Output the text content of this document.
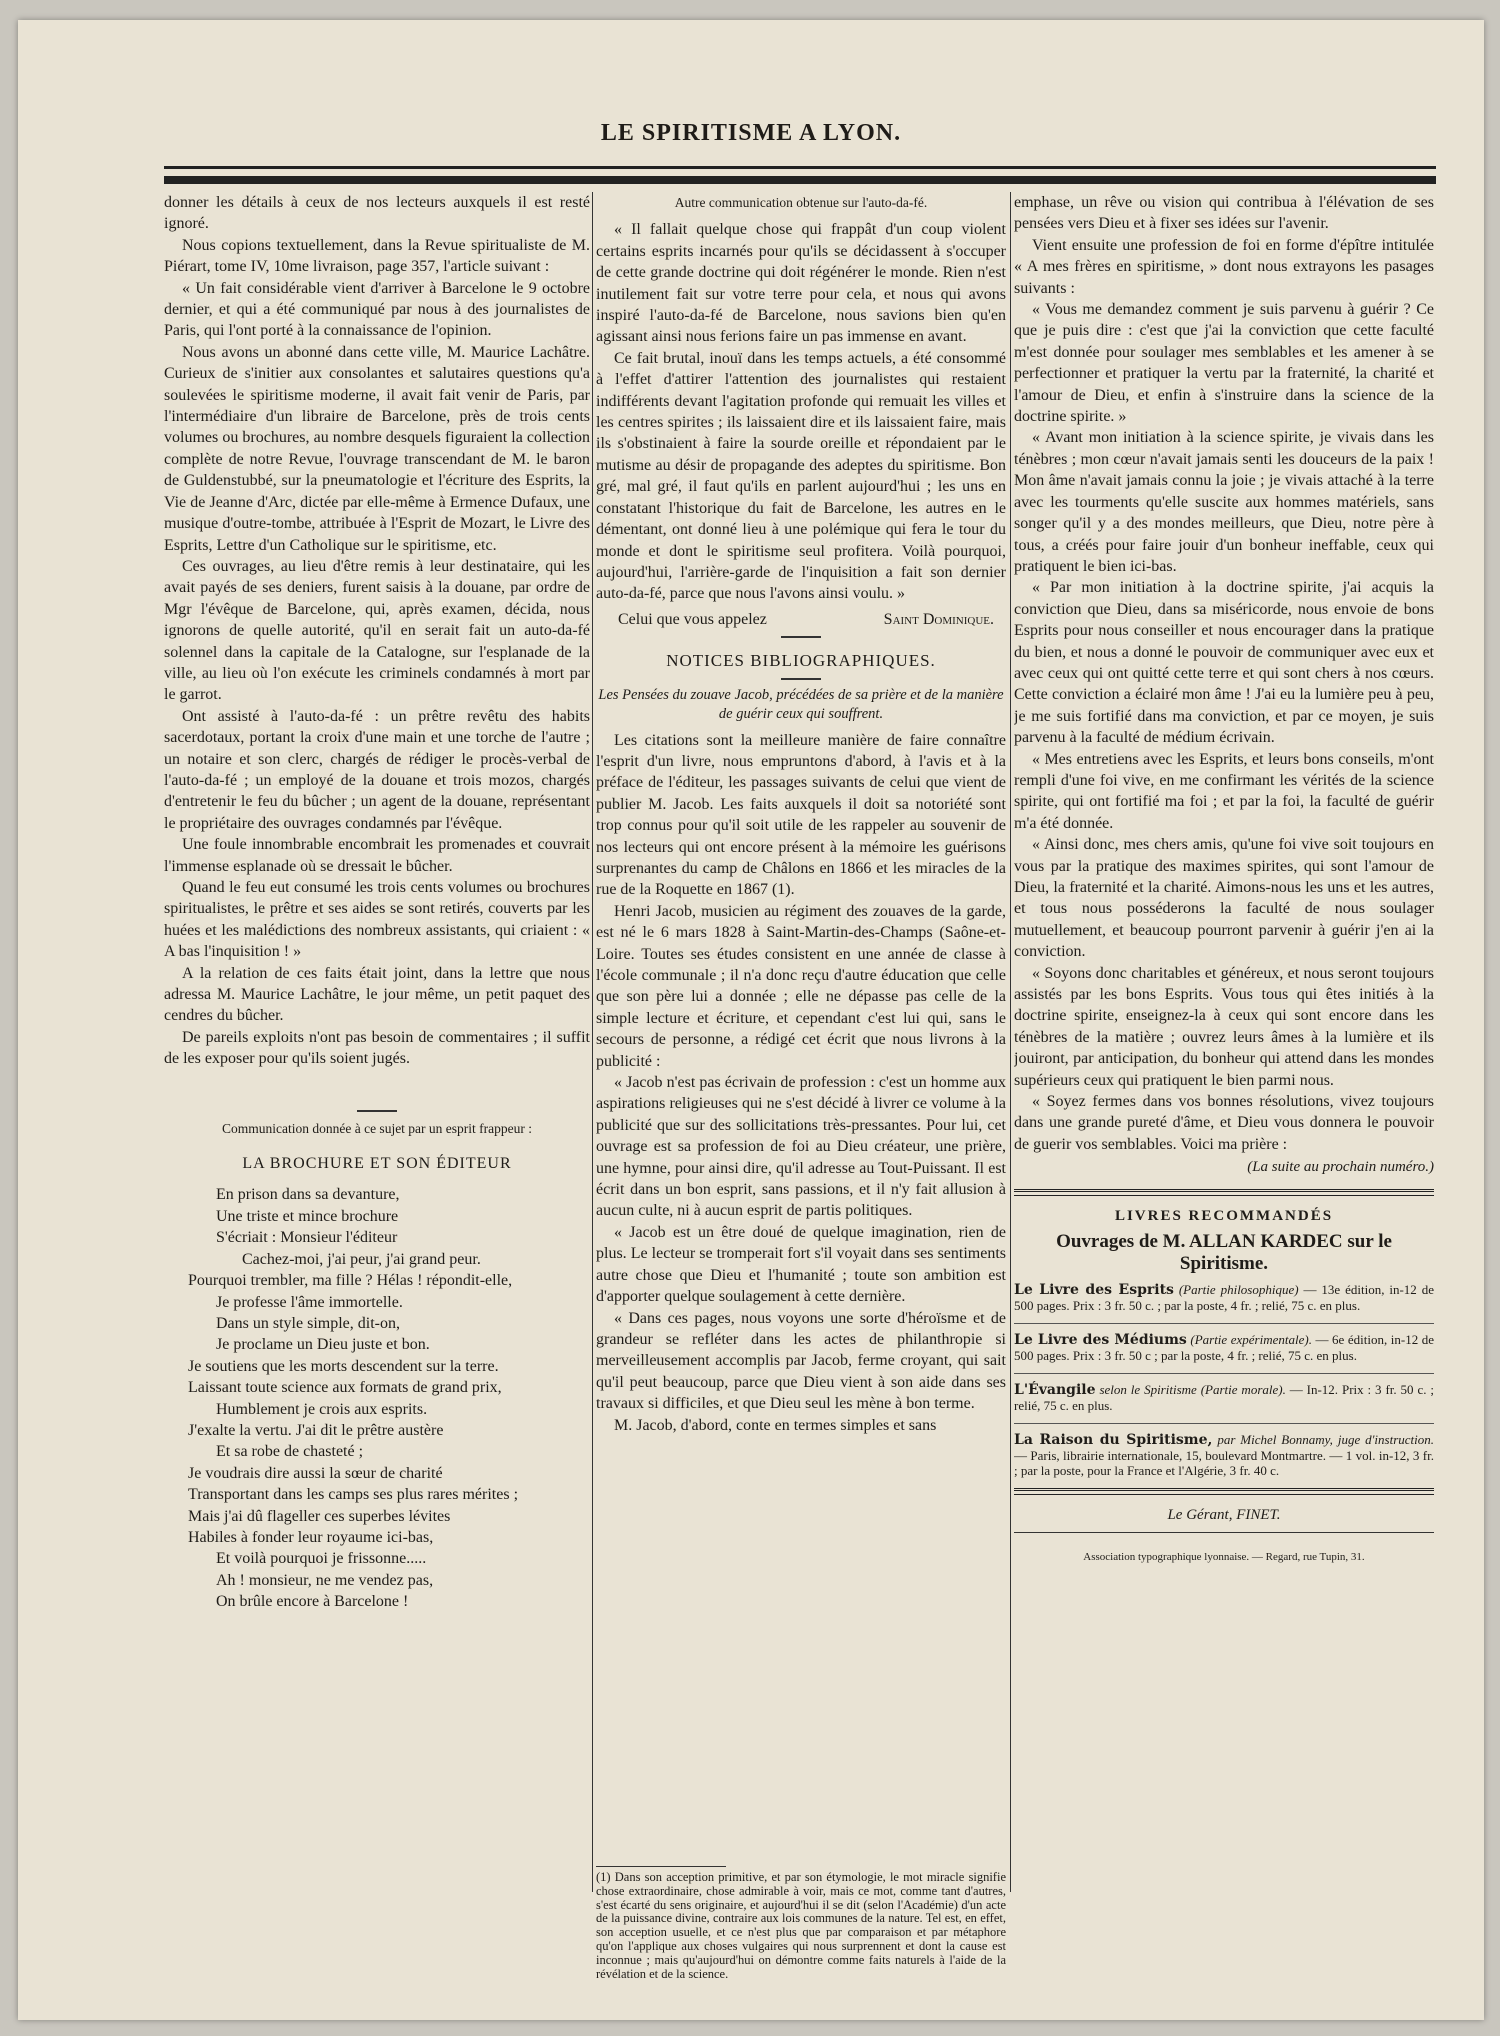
LE SPIRITISME A LYON.

donner les détails à ceux de nos lecteurs auxquels il est resté ignoré.

Nous copions textuellement, dans la Revue spiritualiste de M. Piérart, tome IV, 10me livraison, page 357, l'article suivant :

« Un fait considérable vient d'arriver à Barcelone le 9 octobre dernier, et qui a été communiqué par nous à des journalistes de Paris, qui l'ont porté à la connaissance de l'opinion.

Nous avons un abonné dans cette ville, M. Maurice Lachâtre. Curieux de s'initier aux consolantes et salutaires questions qu'a soulevées le spiritisme moderne, il avait fait venir de Paris, par l'intermédiaire d'un libraire de Barcelone, près de trois cents volumes ou brochures, au nombre desquels figuraient la collection complète de notre Revue, l'ouvrage transcendant de M. le baron de Guldenstubbé, sur la pneumatologie et l'écriture des Esprits, la Vie de Jeanne d'Arc, dictée par elle-même à Ermence Dufaux, une musique d'outre-tombe, attribuée à l'Esprit de Mozart, le Livre des Esprits, Lettre d'un Catholique sur le spiritisme, etc.

Ces ouvrages, au lieu d'être remis à leur destinataire, qui les avait payés de ses deniers, furent saisis à la douane, par ordre de Mgr l'évêque de Barcelone, qui, après examen, décida, nous ignorons de quelle autorité, qu'il en serait fait un auto-da-fé solennel dans la capitale de la Catalogne, sur l'esplanade de la ville, au lieu où l'on exécute les criminels condamnés à mort par le garrot.

Ont assisté à l'auto-da-fé : un prêtre revêtu des habits sacerdotaux, portant la croix d'une main et une torche de l'autre ; un notaire et son clerc, chargés de rédiger le procès-verbal de l'auto-da-fé ; un employé de la douane et trois mozos, chargés d'entretenir le feu du bûcher ; un agent de la douane, représentant le propriétaire des ouvrages condamnés par l'évêque.

Une foule innombrable encombrait les promenades et couvrait l'immense esplanade où se dressait le bûcher.

Quand le feu eut consumé les trois cents volumes ou brochures spiritualistes, le prêtre et ses aides se sont retirés, couverts par les huées et les malédictions des nombreux assistants, qui criaient : « A bas l'inquisition ! »

A la relation de ces faits était joint, dans la lettre que nous adressa M. Maurice Lachâtre, le jour même, un petit paquet des cendres du bûcher.

De pareils exploits n'ont pas besoin de commentaires ; il suffit de les exposer pour qu'ils soient jugés.

Communication donnée à ce sujet par un esprit frappeur :

LA BROCHURE ET SON ÉDITEUR

En prison dans sa devanture,

Une triste et mince brochure

S'écriait : Monsieur l'éditeur

Cachez-moi, j'ai peur, j'ai grand peur.

Pourquoi trembler, ma fille ? Hélas ! répondit-elle,

Je professe l'âme immortelle.

Dans un style simple, dit-on,

Je proclame un Dieu juste et bon.

Je soutiens que les morts descendent sur la terre.

Laissant toute science aux formats de grand prix,

Humblement je crois aux esprits.

J'exalte la vertu. J'ai dit le prêtre austère

Et sa robe de chasteté ;

Je voudrais dire aussi la sœur de charité

Transportant dans les camps ses plus rares mérites ;

Mais j'ai dû flageller ces superbes lévites

Habiles à fonder leur royaume ici-bas,

Et voilà pourquoi je frissonne.....

Ah ! monsieur, ne me vendez pas,

On brûle encore à Barcelone !

Autre communication obtenue sur l'auto-da-fé.

« Il fallait quelque chose qui frappât d'un coup violent certains esprits incarnés pour qu'ils se décidassent à s'occuper de cette grande doctrine qui doit régénérer le monde. Rien n'est inutilement fait sur votre terre pour cela, et nous qui avons inspiré l'auto-da-fé de Barcelone, nous savions bien qu'en agissant ainsi nous ferions faire un pas immense en avant.

Ce fait brutal, inouï dans les temps actuels, a été consommé à l'effet d'attirer l'attention des journalistes qui restaient indifférents devant l'agitation profonde qui remuait les villes et les centres spirites ; ils laissaient dire et ils laissaient faire, mais ils s'obstinaient à faire la sourde oreille et répondaient par le mutisme au désir de propagande des adeptes du spiritisme. Bon gré, mal gré, il faut qu'ils en parlent aujourd'hui ; les uns en constatant l'historique du fait de Barcelone, les autres en le démentant, ont donné lieu à une polémique qui fera le tour du monde et dont le spiritisme seul profitera. Voilà pourquoi, aujourd'hui, l'arrière-garde de l'inquisition a fait son dernier auto-da-fé, parce que nous l'avons ainsi voulu. »

Celui que vous appelez	Saint Dominique.

NOTICES BIBLIOGRAPHIQUES.

Les Pensées du zouave Jacob, précédées de sa prière et de la manière de guérir ceux qui souffrent.

Les citations sont la meilleure manière de faire connaître l'esprit d'un livre, nous empruntons d'abord, à l'avis et à la préface de l'éditeur, les passages suivants de celui que vient de publier M. Jacob. Les faits auxquels il doit sa notoriété sont trop connus pour qu'il soit utile de les rappeler au souvenir de nos lecteurs qui ont encore présent à la mémoire les guérisons surprenantes du camp de Châlons en 1866 et les miracles de la rue de la Roquette en 1867 (1).

Henri Jacob, musicien au régiment des zouaves de la garde, est né le 6 mars 1828 à Saint-Martin-des-Champs (Saône-et-Loire. Toutes ses études consistent en une année de classe à l'école communale ; il n'a donc reçu d'autre éducation que celle que son père lui a donnée ; elle ne dépasse pas celle de la simple lecture et écriture, et cependant c'est lui qui, sans le secours de personne, a rédigé cet écrit que nous livrons à la publicité :

« Jacob n'est pas écrivain de profession : c'est un homme aux aspirations religieuses qui ne s'est décidé à livrer ce volume à la publicité que sur des sollicitations très-pressantes. Pour lui, cet ouvrage est sa profession de foi au Dieu créateur, une prière, une hymne, pour ainsi dire, qu'il adresse au Tout-Puissant. Il est écrit dans un bon esprit, sans passions, et il n'y fait allusion à aucun culte, ni à aucun esprit de partis politiques.

« Jacob est un être doué de quelque imagination, rien de plus. Le lecteur se tromperait fort s'il voyait dans ses sentiments autre chose que Dieu et l'humanité ; toute son ambition est d'apporter quelque soulagement à cette dernière.

« Dans ces pages, nous voyons une sorte d'héroïsme et de grandeur se refléter dans les actes de philanthropie si merveilleusement accomplis par Jacob, ferme croyant, qui sait qu'il peut beaucoup, parce que Dieu vient à son aide dans ses travaux si difficiles, et que Dieu seul les mène à bon terme.

M. Jacob, d'abord, conte en termes simples et sans

(1) Dans son acception primitive, et par son étymologie, le mot miracle signifie chose extraordinaire, chose admirable à voir, mais ce mot, comme tant d'autres, s'est écarté du sens originaire, et aujourd'hui il se dit (selon l'Académie) d'un acte de la puissance divine, contraire aux lois communes de la nature. Tel est, en effet, son acception usuelle, et ce n'est plus que par comparaison et par métaphore qu'on l'applique aux choses vulgaires qui nous surprennent et dont la cause est inconnue ; mais qu'aujourd'hui on démontre comme faits naturels à l'aide de la révélation et de la science.

emphase, un rêve ou vision qui contribua à l'élévation de ses pensées vers Dieu et à fixer ses idées sur l'avenir.

Vient ensuite une profession de foi en forme d'épître intitulée « A mes frères en spiritisme, » dont nous extrayons les pasages suivants :

« Vous me demandez comment je suis parvenu à guérir ? Ce que je puis dire : c'est que j'ai la conviction que cette faculté m'est donnée pour soulager mes semblables et les amener à se perfectionner et pratiquer la vertu par la fraternité, la charité et l'amour de Dieu, et enfin à s'instruire dans la science de la doctrine spirite. »

« Avant mon initiation à la science spirite, je vivais dans les ténèbres ; mon cœur n'avait jamais senti les douceurs de la paix ! Mon âme n'avait jamais connu la joie ; je vivais attaché à la terre avec les tourments qu'elle suscite aux hommes matériels, sans songer qu'il y a des mondes meilleurs, que Dieu, notre père à tous, a créés pour faire jouir d'un bonheur ineffable, ceux qui pratiquent le bien ici-bas.

« Par mon initiation à la doctrine spirite, j'ai acquis la conviction que Dieu, dans sa miséricorde, nous envoie de bons Esprits pour nous conseiller et nous encourager dans la pratique du bien, et nous a donné le pouvoir de communiquer avec eux et avec ceux qui ont quitté cette terre et qui sont chers à nos cœurs. Cette conviction a éclairé mon âme ! J'ai eu la lumière peu à peu, je me suis fortifié dans ma conviction, et par ce moyen, je suis parvenu à la faculté de médium écrivain.

« Mes entretiens avec les Esprits, et leurs bons conseils, m'ont rempli d'une foi vive, en me confirmant les vérités de la science spirite, qui ont fortifié ma foi ; et par la foi, la faculté de guérir m'a été donnée.

« Ainsi donc, mes chers amis, qu'une foi vive soit toujours en vous par la pratique des maximes spirites, qui sont l'amour de Dieu, la fraternité et la charité. Aimons-nous les uns et les autres, et tous nous posséderons la faculté de nous soulager mutuellement, et beaucoup pourront parvenir à guérir j'en ai la conviction.

« Soyons donc charitables et généreux, et nous seront toujours assistés par les bons Esprits. Vous tous qui êtes initiés à la doctrine spirite, enseignez-la à ceux qui sont encore dans les ténèbres de la matière ; ouvrez leurs âmes à la lumière et ils jouiront, par anticipation, du bonheur qui attend dans les mondes supérieurs ceux qui pratiquent le bien parmi nous.

« Soyez fermes dans vos bonnes résolutions, vivez toujours dans une grande pureté d'âme, et Dieu vous donnera le pouvoir de guerir vos semblables. Voici ma prière :

(La suite au prochain numéro.)

LIVRES RECOMMANDÉS

Ouvrages de M. ALLAN KARDEC sur le Spiritisme.

Le Livre des Esprits (Partie philosophique) — 13e édition, in-12 de 500 pages. Prix : 3 fr. 50 c. ; par la poste, 4 fr. ; relié, 75 c. en plus.

Le Livre des Médiums (Partie expérimentale). — 6e édition, in-12 de 500 pages. Prix : 3 fr. 50 c ; par la poste, 4 fr. ; relié, 75 c. en plus.

L'Évangile selon le Spiritisme (Partie morale). — In-12. Prix : 3 fr. 50 c. ; relié, 75 c. en plus.

La Raison du Spiritisme, par Michel Bonnamy, juge d'instruction. — Paris, librairie internationale, 15, boulevard Montmartre. — 1 vol. in-12, 3 fr. ; par la poste, pour la France et l'Algérie, 3 fr. 40 c.

Le Gérant, FINET.

Association typographique lyonnaise. — Regard, rue Tupin, 31.
